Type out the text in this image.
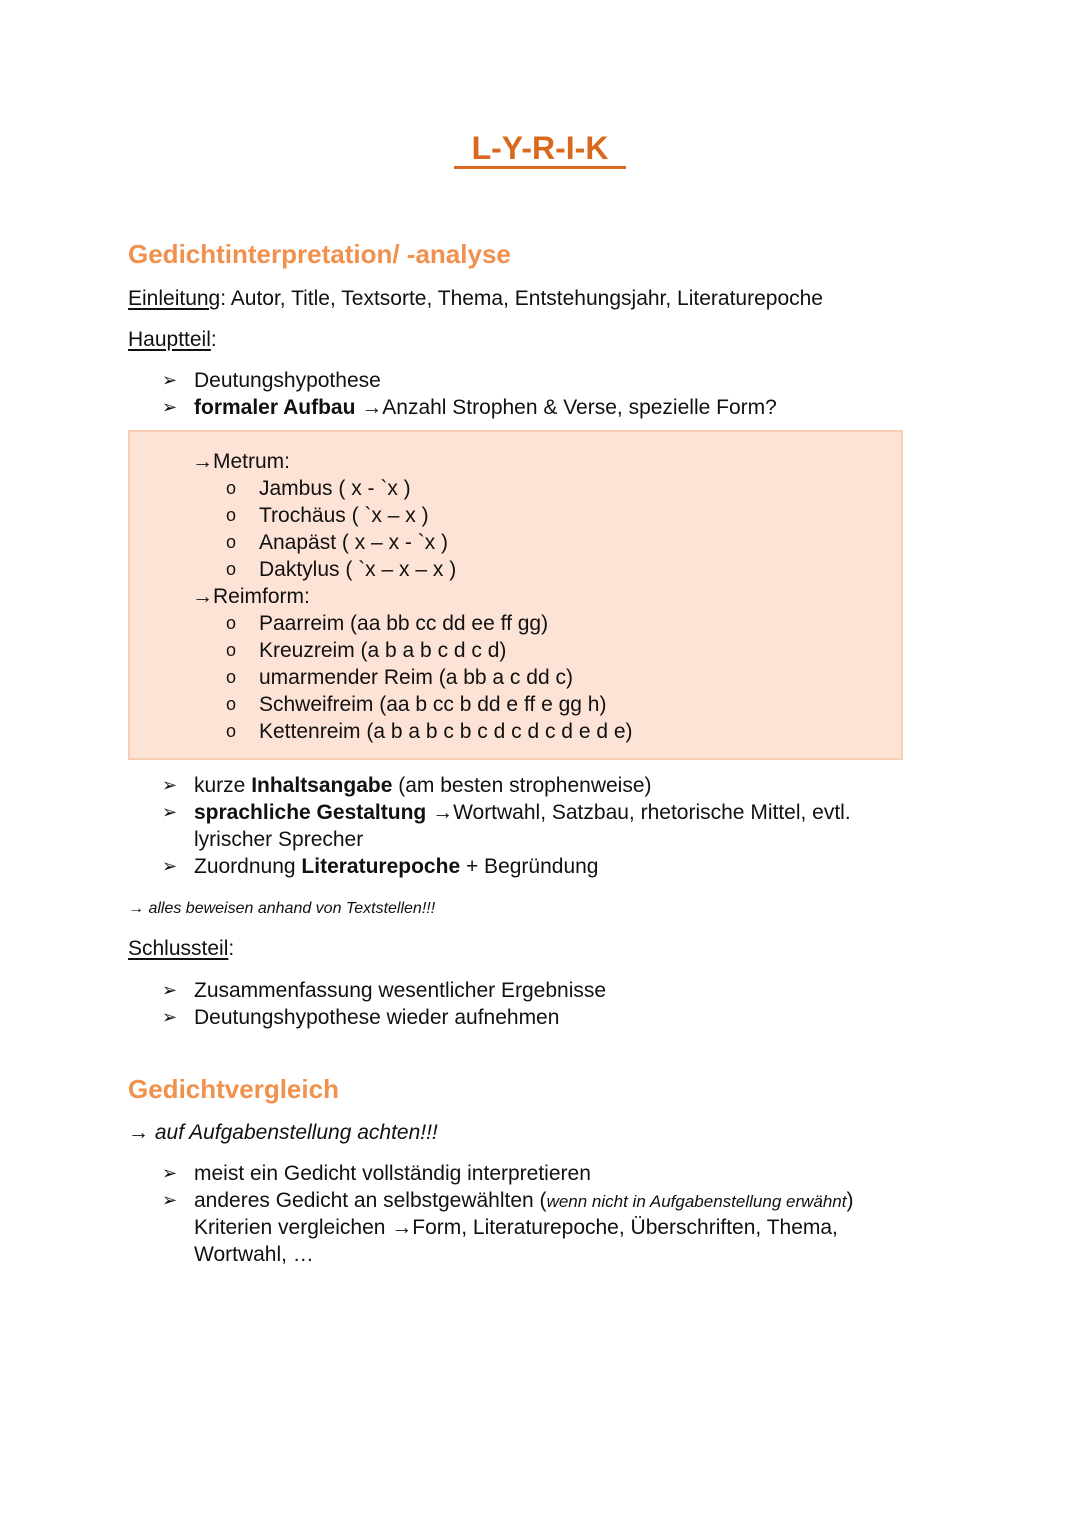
L-Y-R-I-K
Gedichtinterpretation/ -analyse
Einleitung: Autor, Title, Textsorte, Thema, Entstehungsjahr, Literaturepoche
Hauptteil:
➢ Deutungshypothese
➢ formaler Aufbau →Anzahl Strophen & Verse, spezielle Form?
→Metrum:
o Jambus ( x - `x )
o Trochäus ( `x – x )
o Anapäst ( x – x - `x )
o Daktylus ( `x – x – x )
→Reimform:
o Paarreim (aa bb cc dd ee ff gg)
o Kreuzreim (a b a b c d c d)
o umarmender Reim (a bb a c dd c)
o Schweifreim (aa b cc b dd e ff e gg h)
o Kettenreim (a b a b c b c d c d c d e d e)
➢ kurze Inhaltsangabe (am besten strophenweise)
➢ sprachliche Gestaltung →Wortwahl, Satzbau, rhetorische Mittel, evtl.
lyrischer Sprecher
➢ Zuordnung Literaturepoche + Begründung
→ alles beweisen anhand von Textstellen!!!
Schlussteil:
➢ Zusammenfassung wesentlicher Ergebnisse
➢ Deutungshypothese wieder aufnehmen
Gedichtvergleich
→ auf Aufgabenstellung achten!!!
➢ meist ein Gedicht vollständig interpretieren
➢ anderes Gedicht an selbstgewählten (wenn nicht in Aufgabenstellung erwähnt)
Kriterien vergleichen →Form, Literaturepoche, Überschriften, Thema,
Wortwahl, …
